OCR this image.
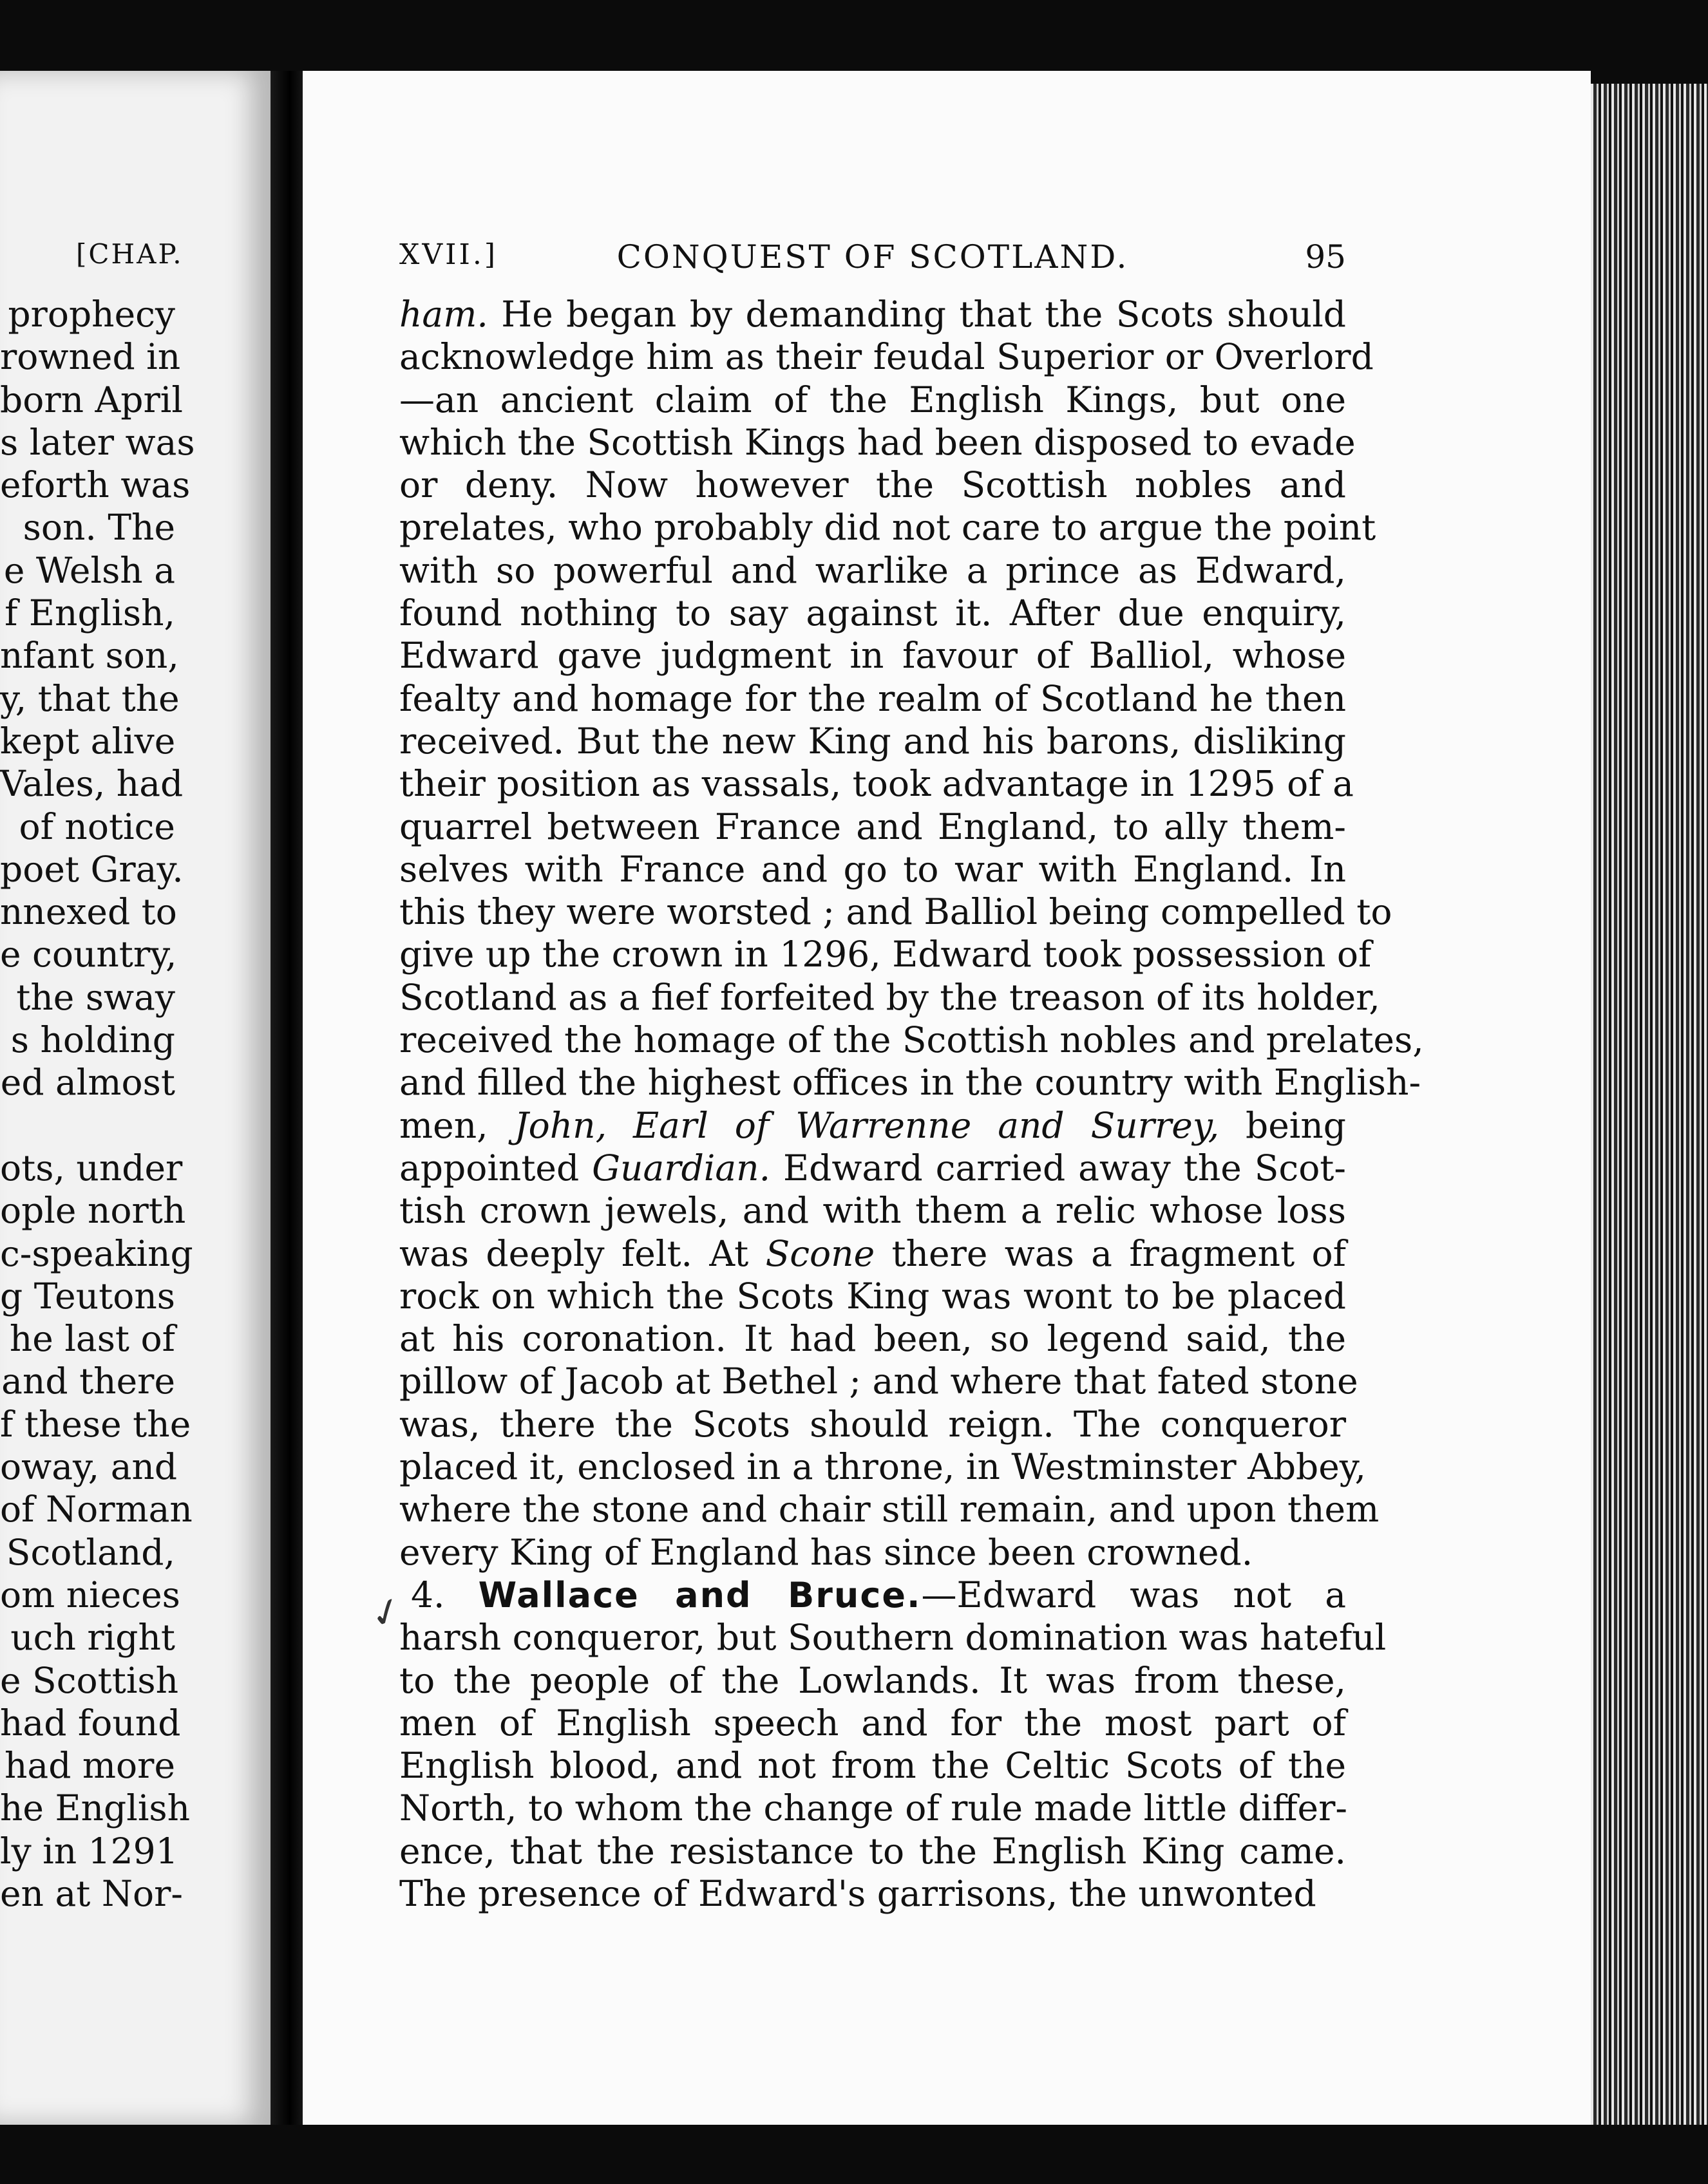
[CHAP.
prophecy
rowned in
born April
s later was
eforth was
son. The
e Welsh a
f English,
nfant son,
y, that the
kept alive
Vales, had
of notice
poet Gray.
nnexed to
e country,
the sway
s holding
ed almost

ots, under
ople north
c-speaking
g Teutons
he last of
and there
f these the
oway, and
of Norman
Scotland,
om nieces
uch right
e Scottish
had found
had more
he English
ly in 1291
en at Nor-
XVII.]	CONQUEST OF SCOTLAND.	95
ham. He began by demanding that the Scots should
acknowledge him as their feudal Superior or Overlord
—an ancient claim of the English Kings, but one
which the Scottish Kings had been disposed to evade
or deny. Now however the Scottish nobles and
prelates, who probably did not care to argue the point
with so powerful and warlike a prince as Edward,
found nothing to say against it. After due enquiry,
Edward gave judgment in favour of Balliol, whose
fealty and homage for the realm of Scotland he then
received. But the new King and his barons, disliking
their position as vassals, took advantage in 1295 of a
quarrel between France and England, to ally them-
selves with France and go to war with England. In
this they were worsted ; and Balliol being compelled to
give up the crown in 1296, Edward took possession of
Scotland as a fief forfeited by the treason of its holder,
received the homage of the Scottish nobles and prelates,
and filled the highest offices in the country with English-
men, John, Earl of Warrenne and Surrey, being
appointed Guardian. Edward carried away the Scot-
tish crown jewels, and with them a relic whose loss
was deeply felt. At Scone there was a fragment of
rock on which the Scots King was wont to be placed
at his coronation. It had been, so legend said, the
pillow of Jacob at Bethel ; and where that fated stone
was, there the Scots should reign. The conqueror
placed it, enclosed in a throne, in Westminster Abbey,
where the stone and chair still remain, and upon them
every King of England has since been crowned.
4. Wallace and Bruce.—Edward was not a
harsh conqueror, but Southern domination was hateful
to the people of the Lowlands. It was from these,
men of English speech and for the most part of
English blood, and not from the Celtic Scots of the
North, to whom the change of rule made little differ-
ence, that the resistance to the English King came.
The presence of Edward's garrisons, the unwonted
✓
